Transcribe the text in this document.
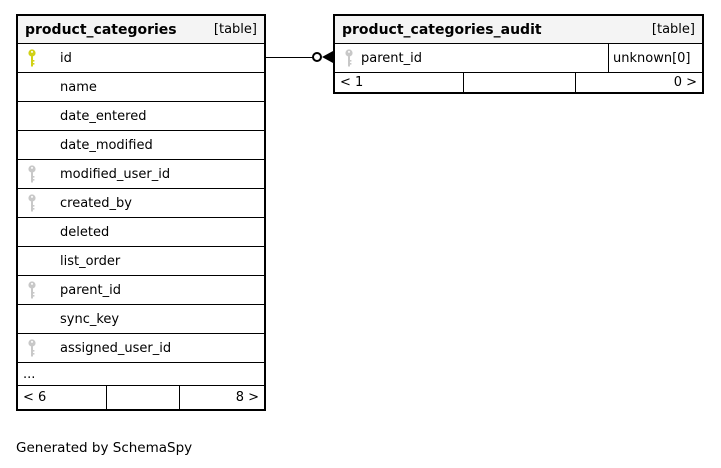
product_categories	[table]
id
name
date_entered
date_modified
modified_user_id
created_by
deleted
list_order
parent_id
sync_key
assigned_user_id
...
< 6	8 >
product_categories_audit	[table]
parent_id	unknown[0]
< 1	0 >
Generated by SchemaSpy
